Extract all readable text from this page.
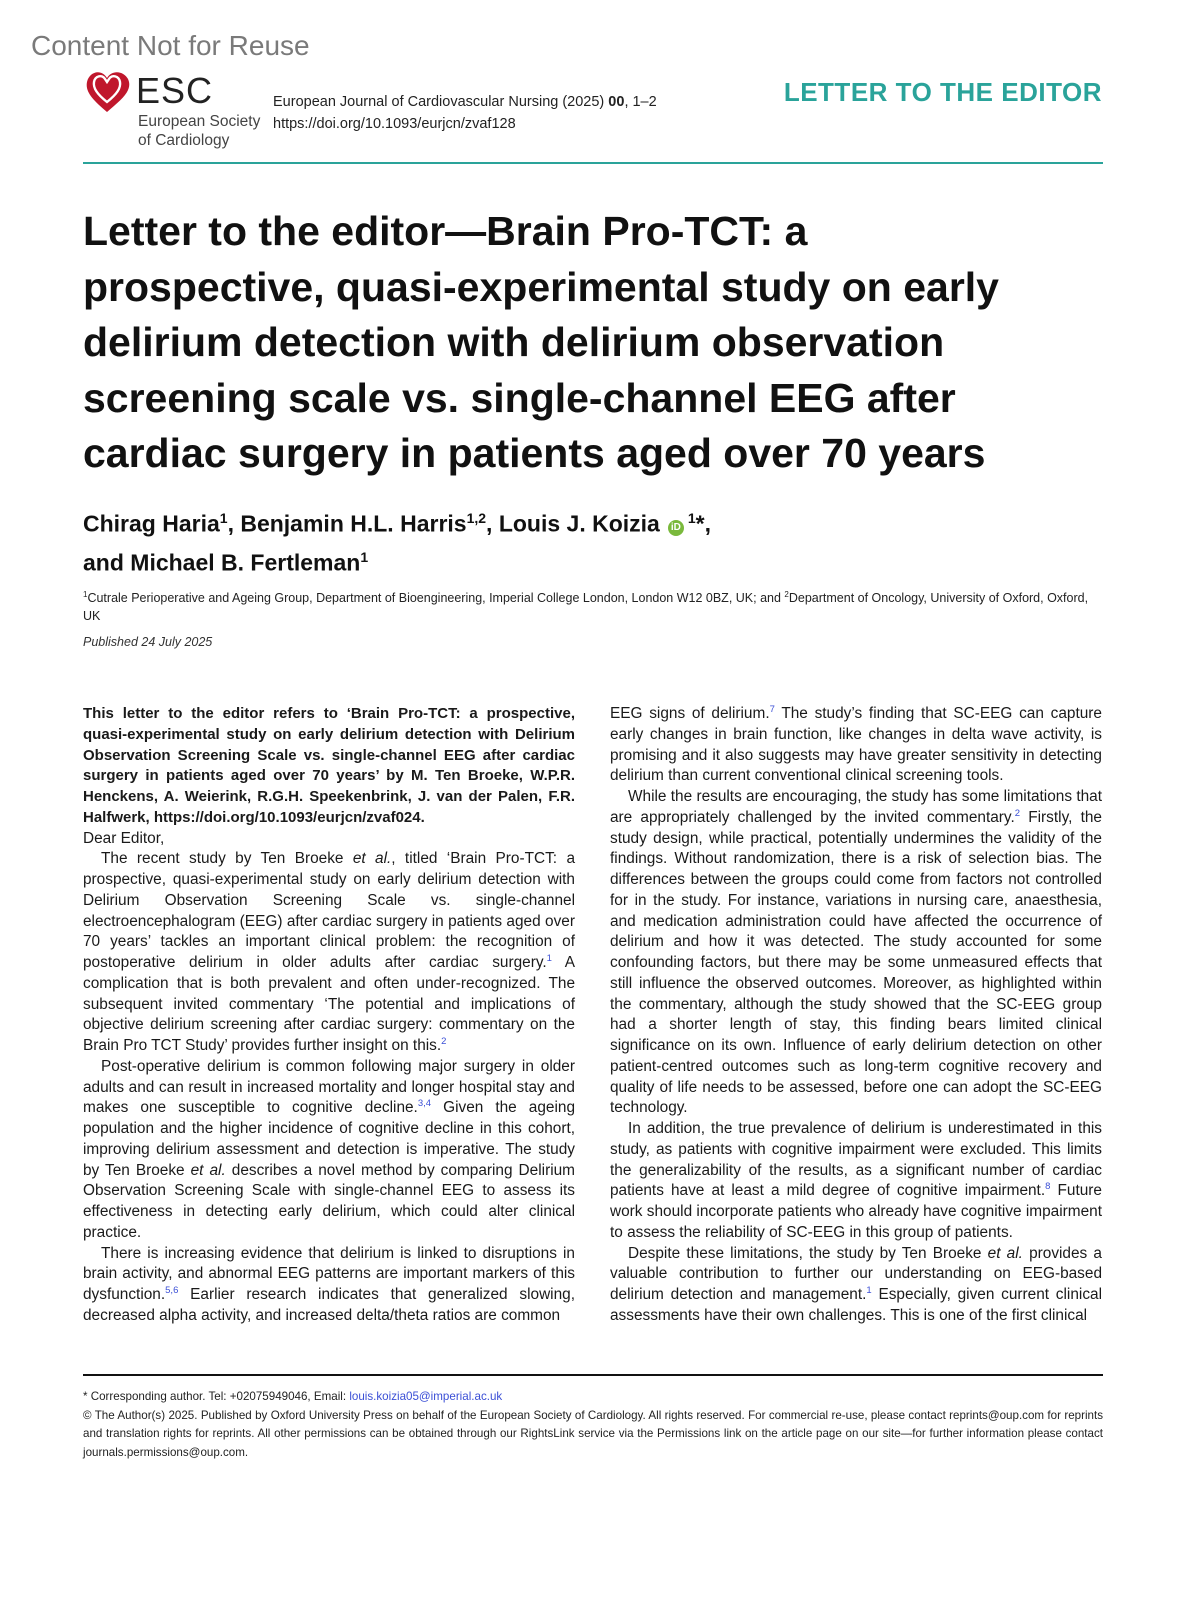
Content Not for Reuse
ESC
European Society
of Cardiology
European Journal of Cardiovascular Nursing (2025) 00, 1–2
https://doi.org/10.1093/eurjcn/zvaf128
LETTER TO THE EDITOR
Letter to the editor—Brain Pro-TCT: a
prospective, quasi-experimental study on early
delirium detection with delirium observation
screening scale vs. single-channel EEG after
cardiac surgery in patients aged over 70 years
Chirag Haria$^1$, Benjamin H.L. Harris$^{1,2}$, Louis J. Koizia $iD^1*$,
and Michael B. Fertleman$^1$
$^1$Cutrale Perioperative and Ageing Group, Department of Bioengineering, Imperial College London, London W12 0BZ, UK; and $^2$Department of Oncology, University of Oxford, Oxford, UK
Published 24 July 2025

This letter to the editor refers to ‘Brain Pro-TCT: a prospective, quasi-experimental study on early delirium detection with Delirium Observation Screening Scale vs. single-channel EEG after cardiac surgery in patients aged over 70 years’ by M. Ten Broeke, W.P.R. Henckens, A. Weierink, R.G.H. Speekenbrink, J. van der Palen, F.R. Halfwerk, https://doi.org/10.1093/eurjcn/zvaf024.

Dear Editor,

The recent study by Ten Broeke et al., titled ‘Brain Pro-TCT: a prospective, quasi-experimental study on early delirium detection with Delirium Observation Screening Scale vs. single-channel electroencephalogram (EEG) after cardiac surgery in patients aged over 70 years’ tackles an important clinical problem: the recognition of postoperative delirium in older adults after cardiac surgery.$^1$ A complication that is both prevalent and often under-recognized. The subsequent invited commentary ‘The potential and implications of objective delirium screening after cardiac surgery: commentary on the Brain Pro TCT Study’ provides further insight on this.$^2$

Post-operative delirium is common following major surgery in older adults and can result in increased mortality and longer hospital stay and makes one susceptible to cognitive decline.$^{3,4}$ Given the ageing population and the higher incidence of cognitive decline in this cohort, improving delirium assessment and detection is imperative. The study by Ten Broeke et al. describes a novel method by comparing Delirium Observation Screening Scale with single-channel EEG to assess its effectiveness in detecting early delirium, which could alter clinical practice.

There is increasing evidence that delirium is linked to disruptions in brain activity, and abnormal EEG patterns are important markers of this dysfunction.$^{5,6}$ Earlier research indicates that generalized slowing, decreased alpha activity, and increased delta/theta ratios are common

EEG signs of delirium.$^7$ The study’s finding that SC-EEG can capture early changes in brain function, like changes in delta wave activity, is promising and it also suggests may have greater sensitivity in detecting delirium than current conventional clinical screening tools.

While the results are encouraging, the study has some limitations that are appropriately challenged by the invited commentary.$^2$ Firstly, the study design, while practical, potentially undermines the validity of the findings. Without randomization, there is a risk of selection bias. The differences between the groups could come from factors not controlled for in the study. For instance, variations in nursing care, anaesthesia, and medication administration could have affected the occurrence of delirium and how it was detected. The study accounted for some confounding factors, but there may be some unmeasured effects that still influence the observed outcomes. Moreover, as highlighted within the commentary, although the study showed that the SC-EEG group had a shorter length of stay, this finding bears limited clinical significance on its own. Influence of early delirium detection on other patient-centred outcomes such as long-term cognitive recovery and quality of life needs to be assessed, before one can adopt the SC-EEG technology.

In addition, the true prevalence of delirium is underestimated in this study, as patients with cognitive impairment were excluded. This limits the generalizability of the results, as a significant number of cardiac patients have at least a mild degree of cognitive impairment.$^8$ Future work should incorporate patients who already have cognitive impairment to assess the reliability of SC-EEG in this group of patients.

Despite these limitations, the study by Ten Broeke et al. provides a valuable contribution to further our understanding on EEG-based delirium detection and management.$^1$ Especially, given current clinical assessments have their own challenges. This is one of the first clinical

* Corresponding author. Tel: +02075949046, Email: louis.koizia05@imperial.ac.uk
© The Author(s) 2025. Published by Oxford University Press on behalf of the European Society of Cardiology. All rights reserved. For commercial re-use, please contact reprints@oup.com for reprints and translation rights for reprints. All other permissions can be obtained through our RightsLink service via the Permissions link on the article page on our site—for further information please contact journals.permissions@oup.com.
